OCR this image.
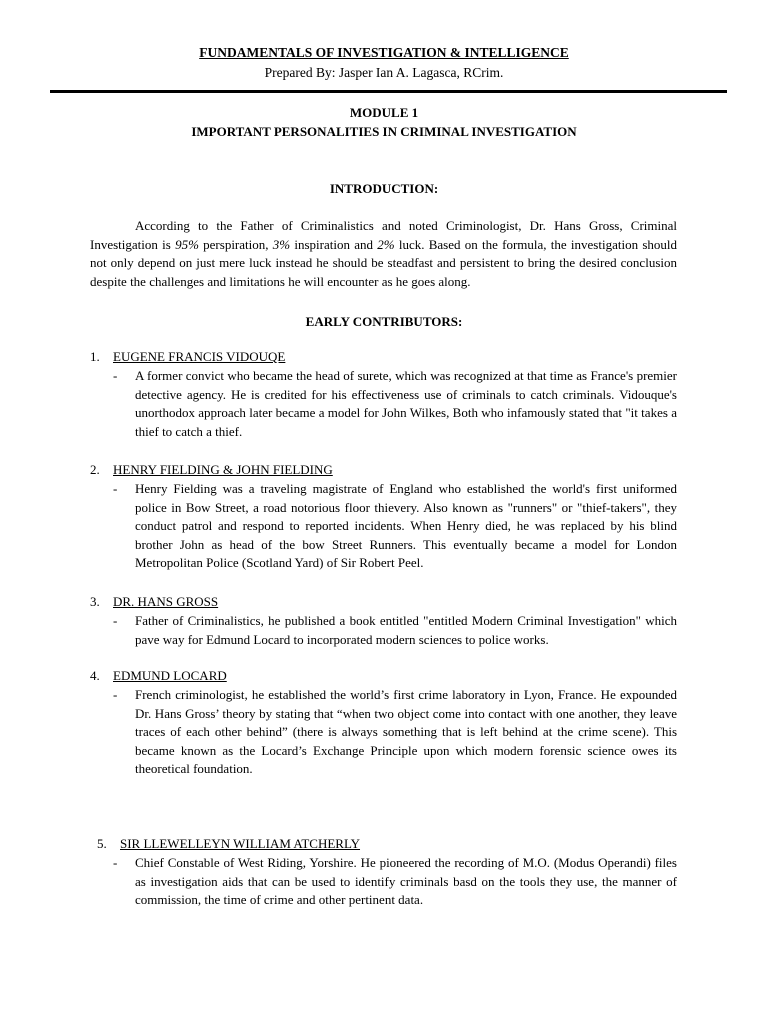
FUNDAMENTALS OF INVESTIGATION & INTELLIGENCE
Prepared By: Jasper Ian A. Lagasca, RCrim.
MODULE 1
IMPORTANT PERSONALITIES IN CRIMINAL INVESTIGATION
INTRODUCTION:

According to the Father of Criminalistics and noted Criminologist, Dr. Hans Gross, Criminal Investigation is 95% perspiration, 3% inspiration and 2% luck. Based on the formula, the investigation should not only depend on just mere luck instead he should be steadfast and persistent to bring the desired conclusion despite the challenges and limitations he will encounter as he goes along.

EARLY CONTRIBUTORS:
1. EUGENE FRANCIS VIDOUQE
- A former convict who became the head of surete, which was recognized at that time as France's premier detective agency. He is credited for his effectiveness use of criminals to catch criminals. Vidouque's unorthodox approach later became a model for John Wilkes, Both who infamously stated that "it takes a thief to catch a thief.
2. HENRY FIELDING & JOHN FIELDING
- Henry Fielding was a traveling magistrate of England who established the world's first uniformed police in Bow Street, a road notorious floor thievery. Also known as "runners" or "thief-takers", they conduct patrol and respond to reported incidents. When Henry died, he was replaced by his blind brother John as head of the bow Street Runners. This eventually became a model for London Metropolitan Police (Scotland Yard) of Sir Robert Peel.
3. DR. HANS GROSS
- Father of Criminalistics, he published a book entitled "entitled Modern Criminal Investigation" which pave way for Edmund Locard to incorporated modern sciences to police works.
4. EDMUND LOCARD
- French criminologist, he established the world’s first crime laboratory in Lyon, France. He expounded Dr. Hans Gross’ theory by stating that “when two object come into contact with one another, they leave traces of each other behind” (there is always something that is left behind at the crime scene). This became known as the Locard’s Exchange Principle upon which modern forensic science owes its theoretical foundation.
5. SIR LLEWELLEYN WILLIAM ATCHERLY
- Chief Constable of West Riding, Yorshire. He pioneered the recording of M.O. (Modus Operandi) files as investigation aids that can be used to identify criminals basd on the tools they use, the manner of commission, the time of crime and other pertinent data.
